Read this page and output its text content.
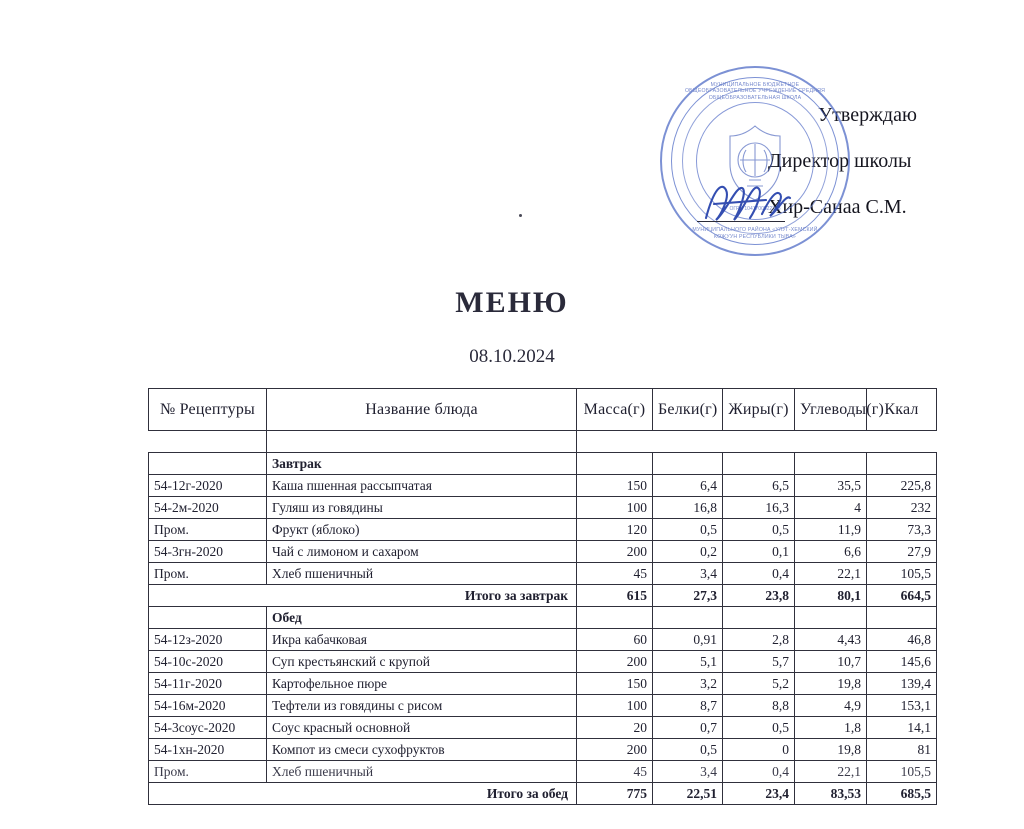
Утверждаю
Директор школы
Хир-Санаа С.М.
МУНИЦИПАЛЬНОЕ БЮДЖЕТНОЕ ОБЩЕОБРАЗОВАТЕЛЬНОЕ УЧРЕЖДЕНИЕ СРЕДНЯЯ ОБЩЕОБРАЗОВАТЕЛЬНАЯ ШКОЛА
ОГРН 1041700522308
МУНИЦИПАЛЬНОГО РАЙОНА «УЛУГ-ХЕМСКИЙ КОЖУУН РЕСПУБЛИКИ ТЫВА»
МЕНЮ
08.10.2024
№ Рецептуры	Название блюда	Масса(г)	Белки(г)	Жиры(г)	Углеводы(г)	Ккал

	Завтрак					
54-12г-2020	Каша пшенная рассыпчатая	150	6,4	6,5	35,5	225,8
54-2м-2020	Гуляш из говядины	100	16,8	16,3	4	232
Пром.	Фрукт (яблоко)	120	0,5	0,5	11,9	73,3
54-3гн-2020	Чай с лимоном и сахаром	200	0,2	0,1	6,6	27,9
Пром.	Хлеб пшеничный	45	3,4	0,4	22,1	105,5
	Итого за завтрак	615	27,3	23,8	80,1	664,5
	Обед					
54-12з-2020	Икра кабачковая	60	0,91	2,8	4,43	46,8
54-10с-2020	Суп крестьянский с крупой	200	5,1	5,7	10,7	145,6
54-11г-2020	Картофельное пюре	150	3,2	5,2	19,8	139,4
54-16м-2020	Тефтели из говядины с рисом	100	8,7	8,8	4,9	153,1
54-3соус-2020	Соус красный основной	20	0,7	0,5	1,8	14,1
54-1хн-2020	Компот из смеси сухофруктов	200	0,5	0	19,8	81
Пром.	Хлеб пшеничный	45	3,4	0,4	22,1	105,5
	Итого за обед	775	22,51	23,4	83,53	685,5
